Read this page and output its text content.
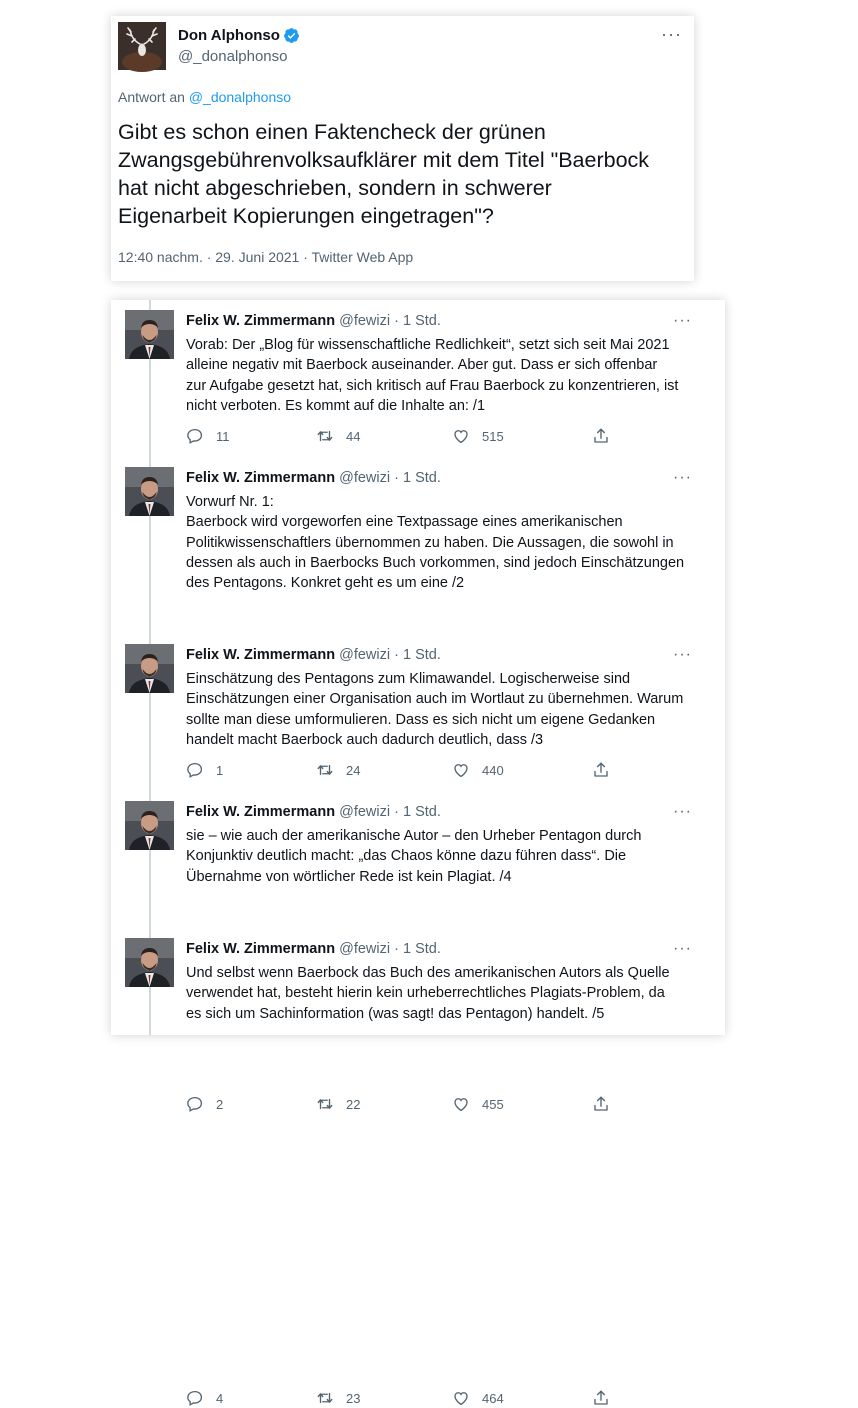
Don Alphonso
@_donalphonso
···
Antwort an @_donalphonso
Gibt es schon einen Faktencheck der grünen
Zwangsgebührenvolksaufklärer mit dem Titel "Baerbock
hat nicht abgeschrieben, sondern in schwerer
Eigenarbeit Kopierungen eingetragen"?
12:40 nachm. · 29. Juni 2021 · Twitter Web App
Felix W. Zimmermann @fewizi · 1 Std.	···
Vorab: Der „Blog für wissenschaftliche Redlichkeit“, setzt sich seit Mai 2021
alleine negativ mit Baerbock auseinander. Aber gut. Dass er sich offenbar
zur Aufgabe gesetzt hat, sich kritisch auf Frau Baerbock zu konzentrieren, ist
nicht verboten. Es kommt auf die Inhalte an: /1
11	44	515
Felix W. Zimmermann @fewizi · 1 Std.	···
Vorwurf Nr. 1:
Baerbock wird vorgeworfen eine Textpassage eines amerikanischen
Politikwissenschaftlers übernommen zu haben. Die Aussagen, die sowohl in
dessen als auch in Baerbocks Buch vorkommen, sind jedoch Einschätzungen
des Pentagons. Konkret geht es um eine /2
1	24	440
Felix W. Zimmermann @fewizi · 1 Std.	···
Einschätzung des Pentagons zum Klimawandel. Logischerweise sind
Einschätzungen einer Organisation auch im Wortlaut zu übernehmen. Warum
sollte man diese umformulieren. Dass es sich nicht um eigene Gedanken
handelt macht Baerbock auch dadurch deutlich, dass /3
2	22	455
Felix W. Zimmermann @fewizi · 1 Std.	···
sie – wie auch der amerikanische Autor – den Urheber Pentagon durch
Konjunktiv deutlich macht: „das Chaos könne dazu führen dass“. Die
Übernahme von wörtlicher Rede ist kein Plagiat. /4
4	23	464
Felix W. Zimmermann @fewizi · 1 Std.	···
Und selbst wenn Baerbock das Buch des amerikanischen Autors als Quelle
verwendet hat, besteht hierin kein urheberrechtliches Plagiats-Problem, da
es sich um Sachinformation (was sagt! das Pentagon) handelt. /5
